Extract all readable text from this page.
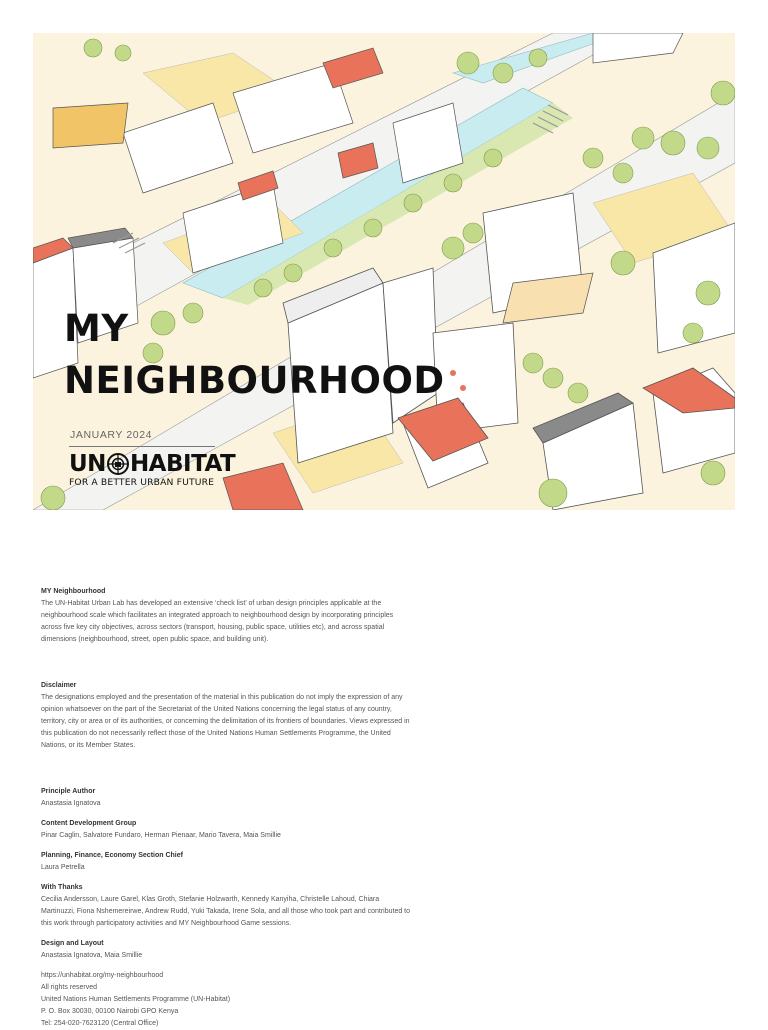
MY
NEIGHBOURHOOD
JANUARY 2024
UN HABITAT
FOR A BETTER URBAN FUTURE
MY Neighbourhood

The UN-Habitat Urban Lab has developed an extensive ‘check list’ of urban design principles applicable at the neighbourhood scale which facilitates an integrated approach to neighbourhood design by incorporating principles across five key city objectives, across sectors (transport, housing, public space, utilities etc), and across spatial dimensions (neighbourhood, street, open public space, and building unit).

Disclaimer

The designations employed and the presentation of the material in this publication do not imply the expression of any opinion whatsoever on the part of the Secretariat of the United Nations concerning the legal status of any country, territory, city or area or of its authorities, or concerning the delimitation of its frontiers of boundaries. Views expressed in this publication do not necessarily reflect those of the United Nations Human Settlements Programme, the United Nations, or its Member States.

Principle Author

Anastasia Ignatova

Content Development Group

Pinar Caglin, Salvatore Fundaro, Herman Pienaar, Mario Tavera, Maia Smillie

Planning, Finance, Economy Section Chief

Laura Petrella

With Thanks

Cecilia Andersson, Laure Garel, Klas Groth, Stefanie Holzwarth, Kennedy Kanyiha, Christelle Lahoud, Chiara Martinuzzi, Fiona Nshemereirwe, Andrew Rudd, Yuki Takada, Irene Sola, and all those who took part and contributed to this work through participatory activities and MY Neighbourhood Game sessions.

Design and Layout

Anastasia Ignatova, Maia Smillie

https://unhabitat.org/my-neighbourhood
All rights reserved
United Nations Human Settlements Programme (UN-Habitat)
P. O. Box 30030, 00100 Nairobi GPO Kenya
Tel: 254-020-7623120 (Central Office)
